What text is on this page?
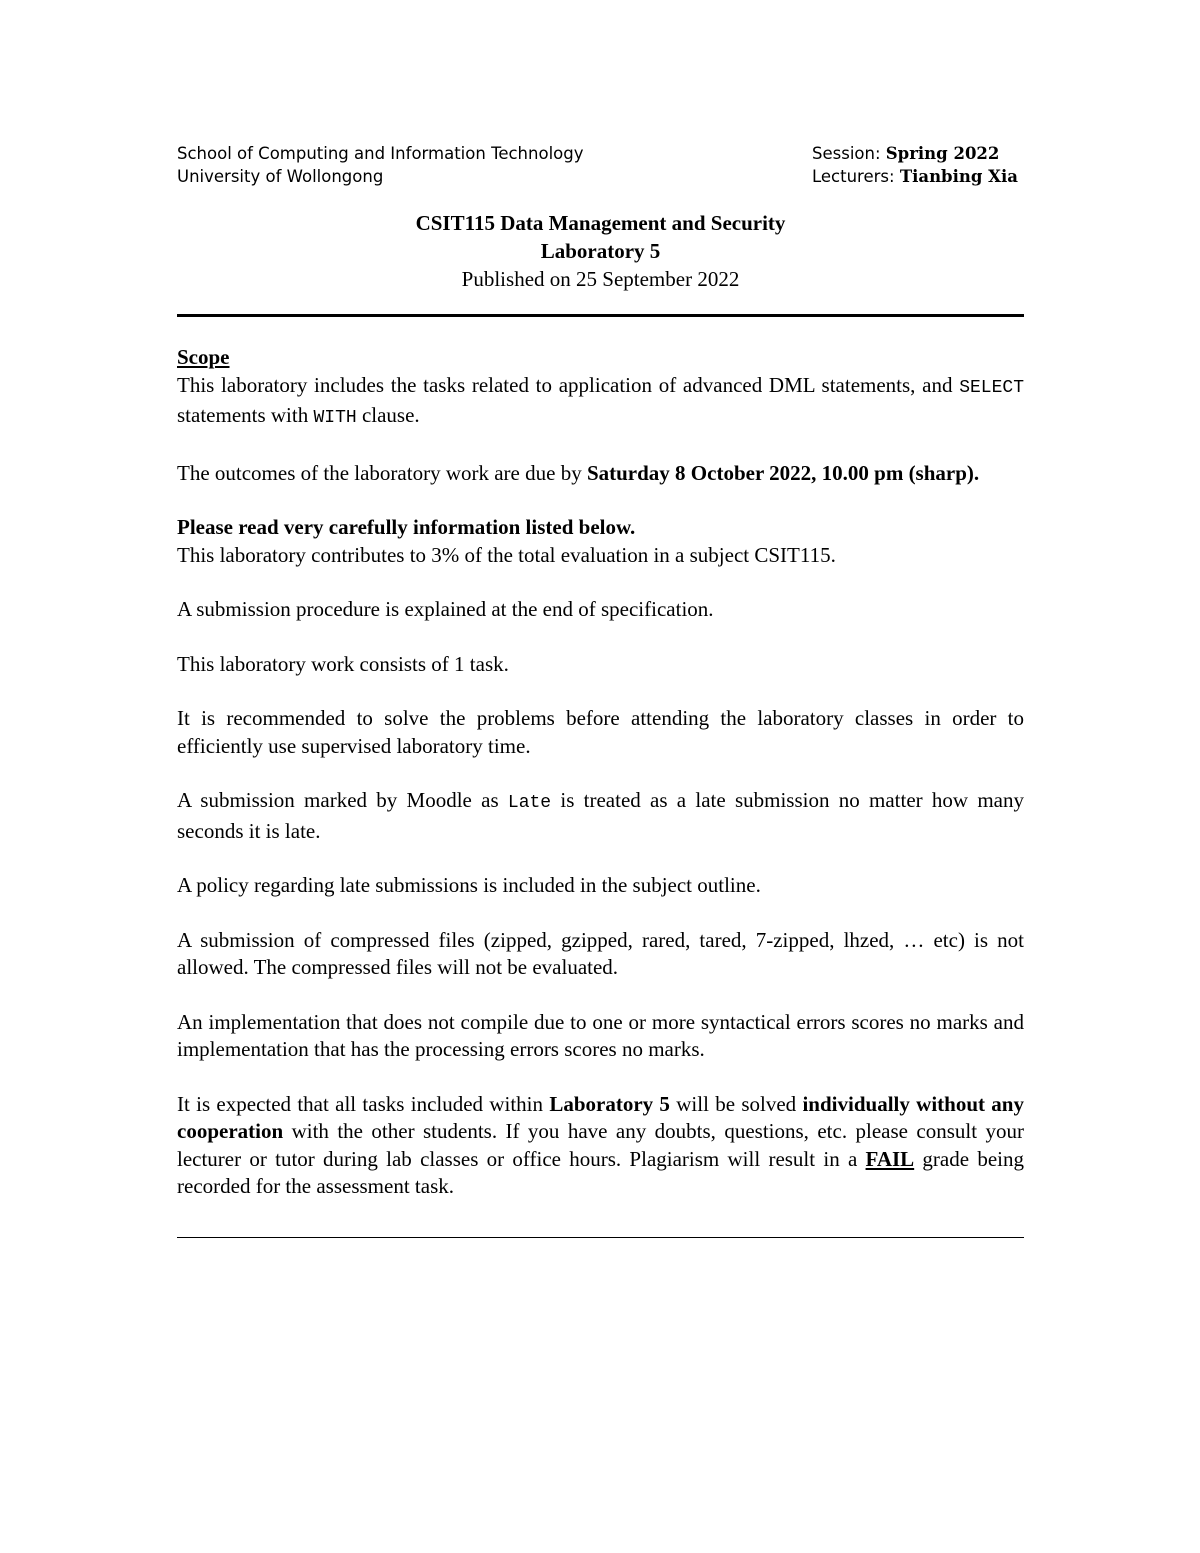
School of Computing and Information Technology
University of Wollongong
Session: Spring 2022
Lecturers: Tianbing Xia
CSIT115 Data Management and Security
Laboratory 5
Published on 25 September 2022

Scope
This laboratory includes the tasks related to application of advanced DML statements, and SELECT statements with WITH clause.

The outcomes of the laboratory work are due by Saturday 8 October 2022, 10.00 pm (sharp).

Please read very carefully information listed below.
This laboratory contributes to 3% of the total evaluation in a subject CSIT115.

A submission procedure is explained at the end of specification.

This laboratory work consists of 1 task.

It is recommended to solve the problems before attending the laboratory classes in order to efficiently use supervised laboratory time.

A submission marked by Moodle as Late is treated as a late submission no matter how many seconds it is late.

A policy regarding late submissions is included in the subject outline.

A submission of compressed files (zipped, gzipped, rared, tared, 7-zipped, lhzed, … etc) is not allowed. The compressed files will not be evaluated.

An implementation that does not compile due to one or more syntactical errors scores no marks and implementation that has the processing errors scores no marks.

It is expected that all tasks included within Laboratory 5 will be solved individually without any cooperation with the other students. If you have any doubts, questions, etc. please consult your lecturer or tutor during lab classes or office hours. Plagiarism will result in a FAIL grade being recorded for the assessment task.
